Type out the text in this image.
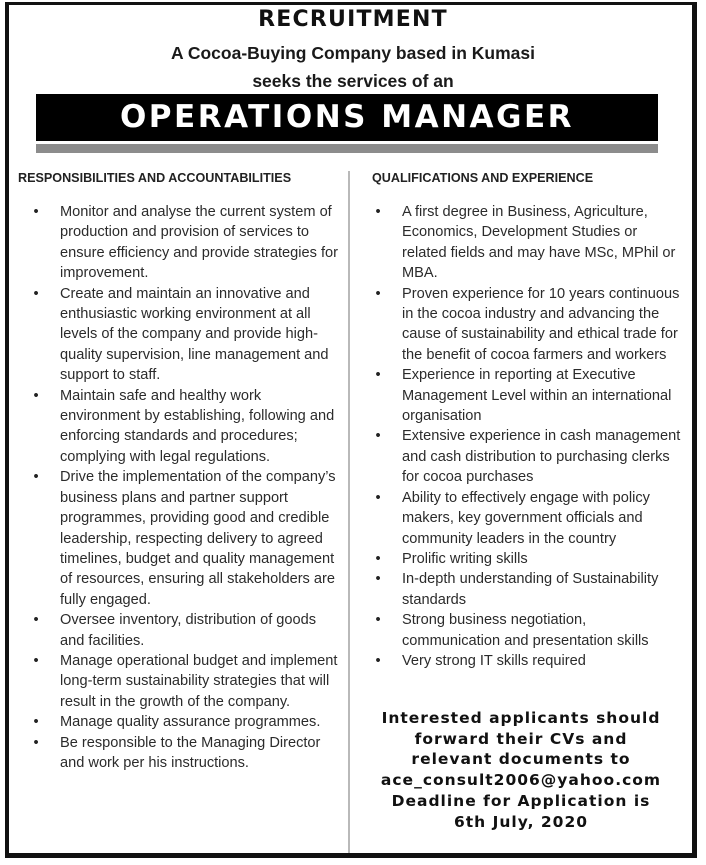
RECRUITMENT
A Cocoa-Buying Company based in Kumasi
seeks the services of an
OPERATIONS MANAGER
RESPONSIBILITIES AND ACCOUNTABILITIES
• Monitor and analyse the current system of production and provision of services to ensure efficiency and provide strategies for improvement.
• Create and maintain an innovative and enthusiastic working environment at all levels of the company and provide high-quality supervision, line management and support to staff.
• Maintain safe and healthy work environment by establishing, following and enforcing standards and procedures; complying with legal regulations.
• Drive the implementation of the company’s business plans and partner support programmes, providing good and credible leadership, respecting delivery to agreed timelines, budget and quality management of resources, ensuring all stakeholders are fully engaged.
• Oversee inventory, distribution of goods and facilities.
• Manage operational budget and implement long-term sustainability strategies that will result in the growth of the company.
• Manage quality assurance programmes.
• Be responsible to the Managing Director and work per his instructions.
QUALIFICATIONS AND EXPERIENCE
• A first degree in Business, Agriculture, Economics, Development Studies or related fields and may have MSc, MPhil or MBA.
• Proven experience for 10 years continuous in the cocoa industry and advancing the cause of sustainability and ethical trade for the benefit of cocoa farmers and workers
• Experience in reporting at Executive Management Level within an international organisation
• Extensive experience in cash management and cash distribution to purchasing clerks for cocoa purchases
• Ability to effectively engage with policy makers, key government officials and community leaders in the country
• Prolific writing skills
• In-depth understanding of Sustainability standards
• Strong business negotiation, communication and presentation skills
• Very strong IT skills required
Interested applicants should
forward their CVs and
relevant documents to
ace_consult2006@yahoo.com
Deadline for Application is
6th July, 2020
